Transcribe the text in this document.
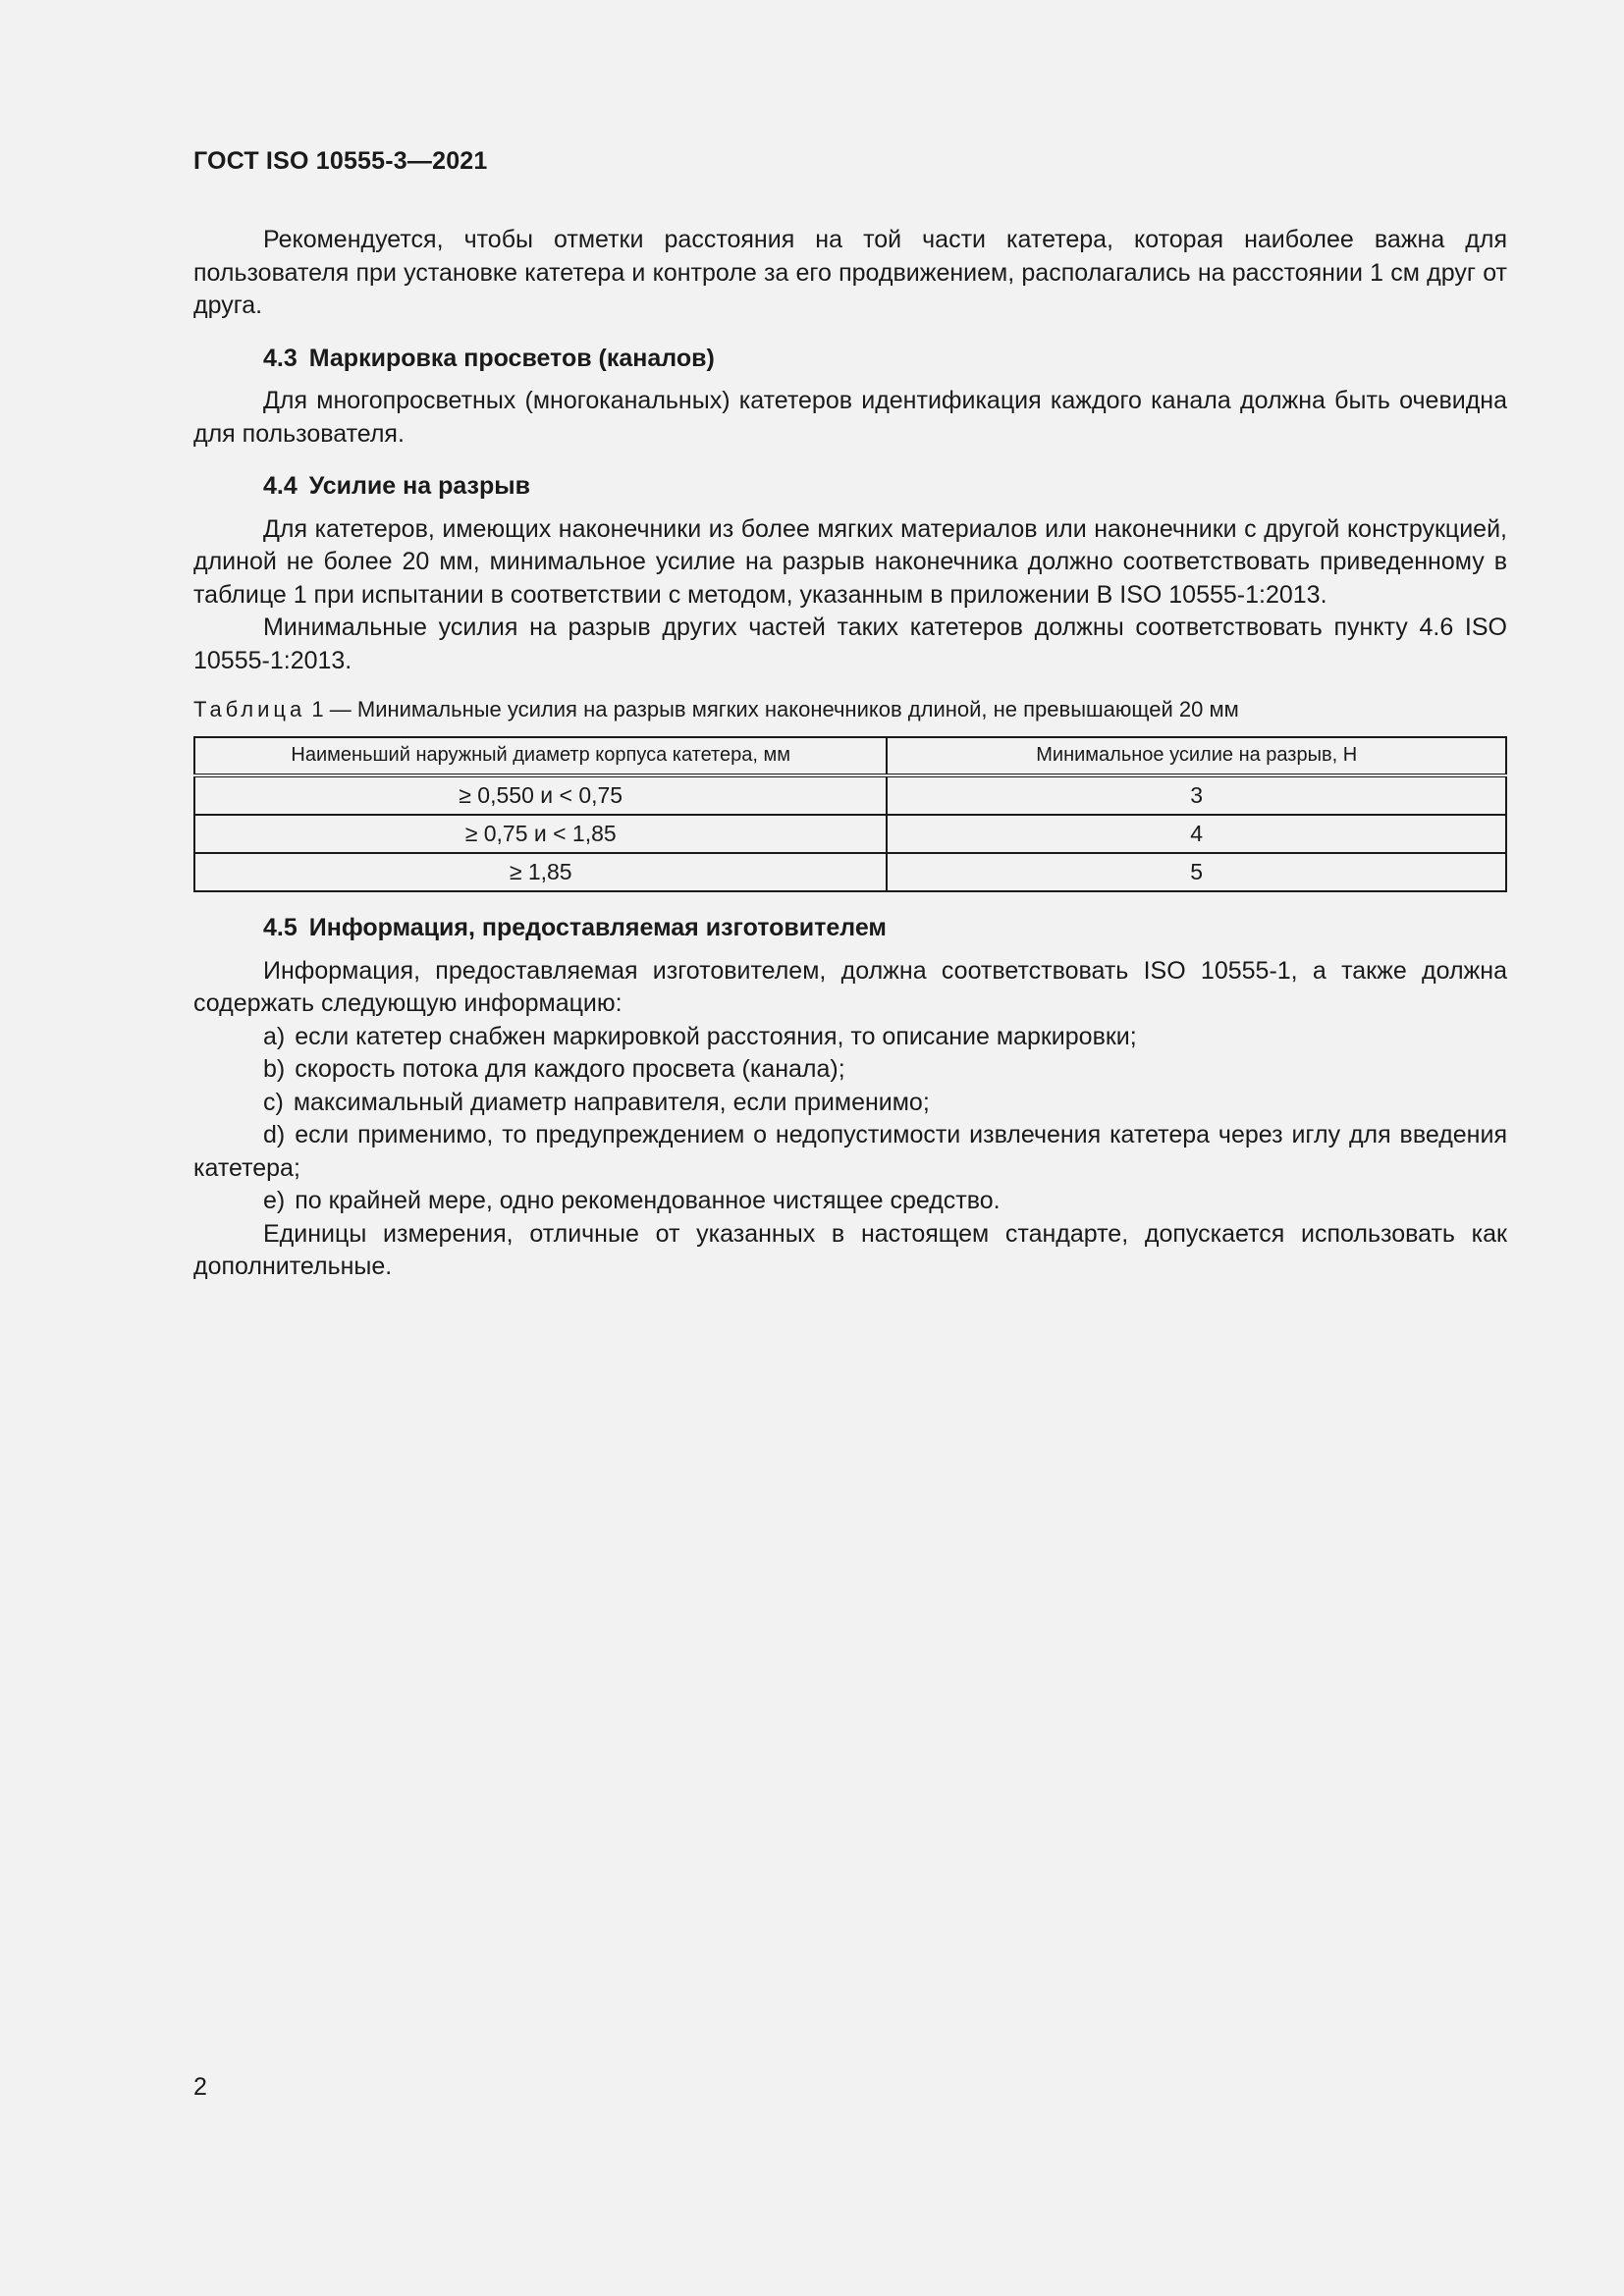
ГОСТ ISO 10555-3—2021

Рекомендуется, чтобы отметки расстояния на той части катетера, которая наиболее важна для пользователя при установке катетера и контроле за его продвижением, располагались на расстоянии 1 см друг от друга.

4.3 Маркировка просветов (каналов)

Для многопросветных (многоканальных) катетеров идентификация каждого канала должна быть очевидна для пользователя.

4.4 Усилие на разрыв

Для катетеров, имеющих наконечники из более мягких материалов или наконечники с другой конструкцией, длиной не более 20 мм, минимальное усилие на разрыв наконечника должно соответствовать приведенному в таблице 1 при испытании в соответствии с методом, указанным в приложении B ISO 10555-1:2013.

Минимальные усилия на разрыв других частей таких катетеров должны соответствовать пункту 4.6 ISO 10555-1:2013.

Таблица 1 — Минимальные усилия на разрыв мягких наконечников длиной, не превышающей 20 мм
Наименьший наружный диаметр корпуса катетера, мм	Минимальное усилие на разрыв, Н
≥ 0,550 и < 0,75	3
≥ 0,75 и < 1,85	4
≥ 1,85	5
4.5 Информация, предоставляемая изготовителем

Информация, предоставляемая изготовителем, должна соответствовать ISO 10555-1, а также должна содержать следующую информацию:

a) если катетер снабжен маркировкой расстояния, то описание маркировки;
b) скорость потока для каждого просвета (канала);
c) максимальный диаметр направителя, если применимо;
d) если применимо, то предупреждением о недопустимости извлечения катетера через иглу для введения катетера;
e) по крайней мере, одно рекомендованное чистящее средство.

Единицы измерения, отличные от указанных в настоящем стандарте, допускается использовать как дополнительные.

2
